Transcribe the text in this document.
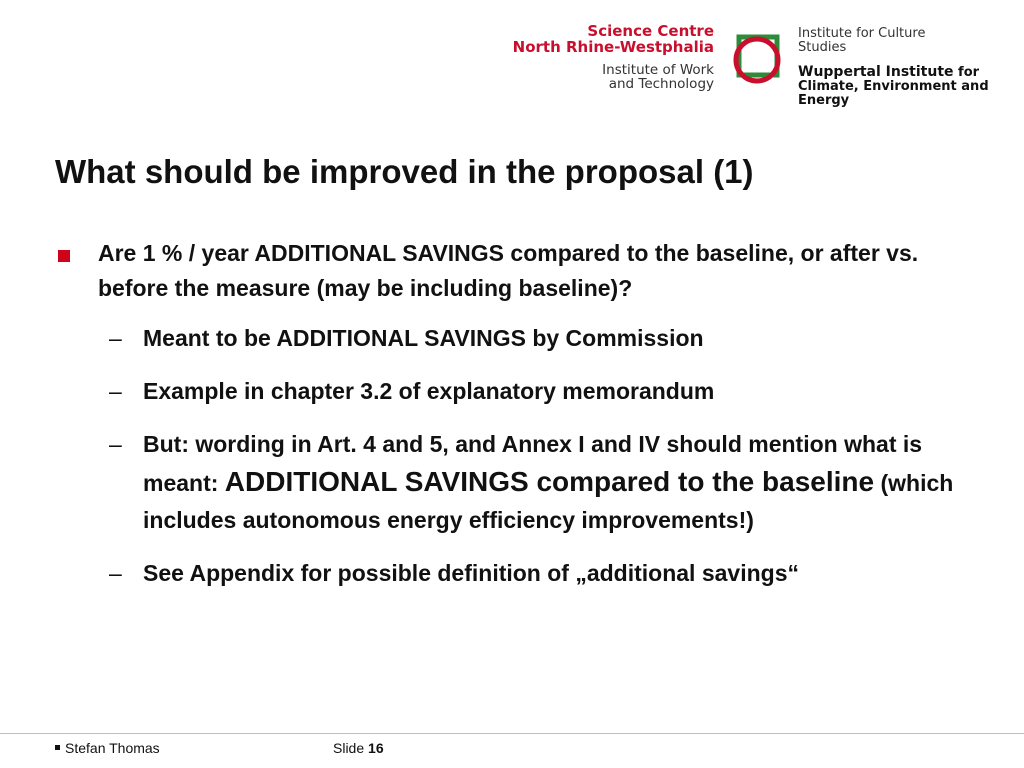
Science Centre
North Rhine-Westphalia
Institute of Work
and Technology
Institute for Culture
Studies
Wuppertal Institute for
Climate, Environment and
Energy
What should be improved in the proposal (1)
Are 1 % / year ADDITIONAL SAVINGS compared to the baseline, or after vs. before the measure (may be including baseline)?
– Meant to be ADDITIONAL SAVINGS by Commission
– Example in chapter 3.2 of explanatory memorandum
– But: wording in Art. 4 and 5, and Annex I and IV should mention what is meant: ADDITIONAL SAVINGS compared to the baseline (which includes autonomous energy efficiency improvements!)
– See Appendix for possible definition of „additional savings“
Stefan Thomas	Slide 16
